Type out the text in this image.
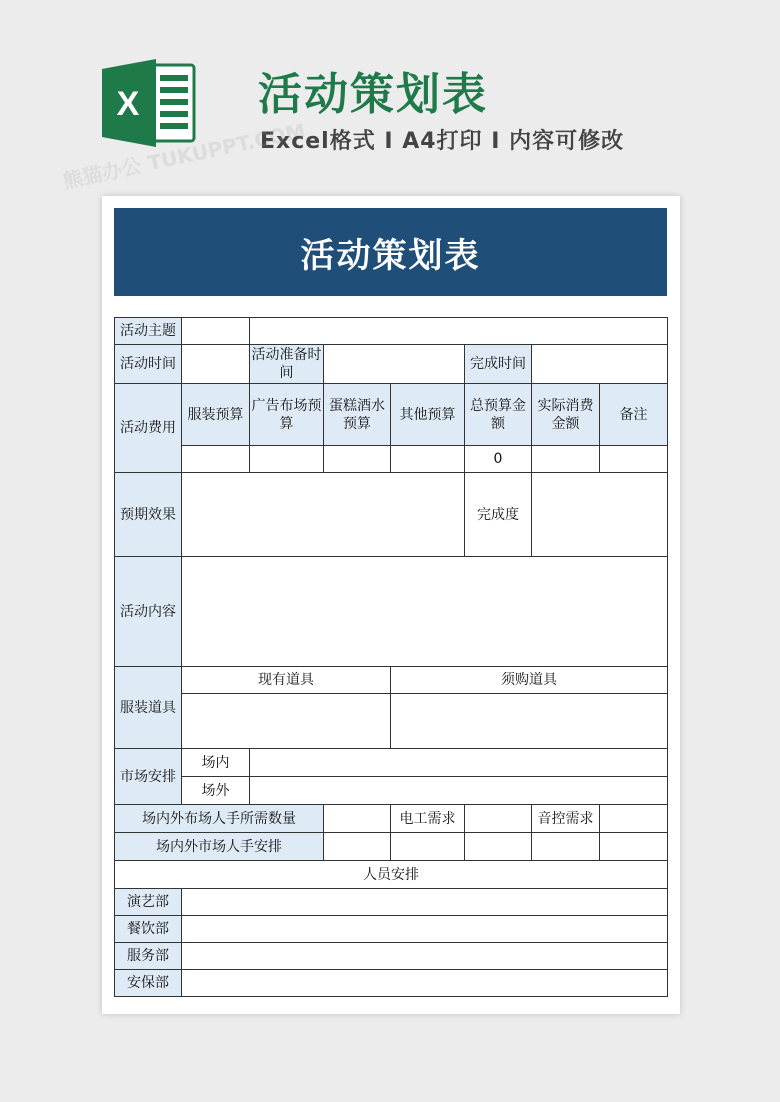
X	活动策划表
Excel格式 I A4打印 I 内容可修改
熊猫办公 TUKUPPT.COM
活动策划表
活动主题							
活动时间		活动准备时间			完成时间		
活动费用	服装预算	广告布场预算	蛋糕酒水预算	其他预算	总预算金额	实际消费金额	备注
					0		
预期效果					完成度		
活动内容							
服装道具	现有道具			须购道具			

市场安排	场内						
	场外						
场内外布场人手所需数量				电工需求		音控需求	
场内外市场人手安排							
人员安排							
演艺部							
餐饮部							
服务部							
安保部							
